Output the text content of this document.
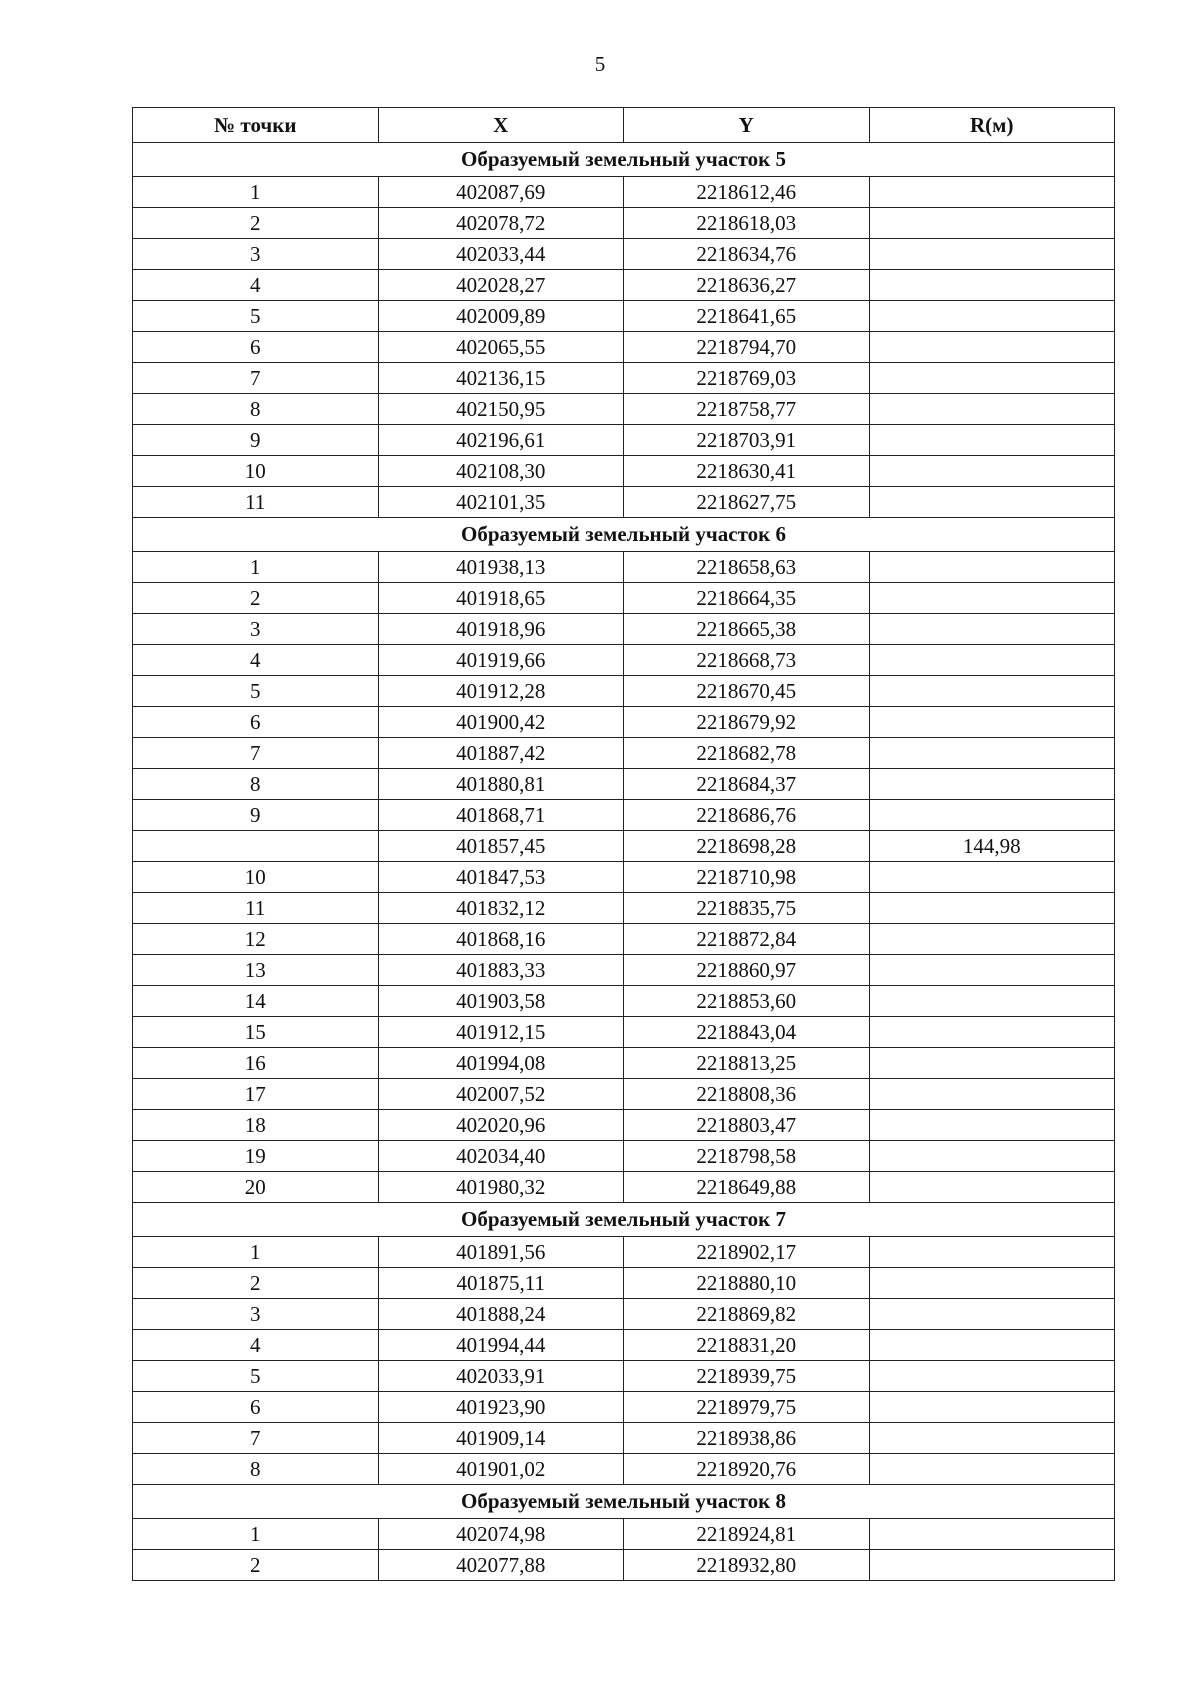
5
№ точки	X	Y	R(м)
Образуемый земельный участок 5			
1	402087,69	2218612,46	
2	402078,72	2218618,03	
3	402033,44	2218634,76	
4	402028,27	2218636,27	
5	402009,89	2218641,65	
6	402065,55	2218794,70	
7	402136,15	2218769,03	
8	402150,95	2218758,77	
9	402196,61	2218703,91	
10	402108,30	2218630,41	
11	402101,35	2218627,75	
Образуемый земельный участок 6			
1	401938,13	2218658,63	
2	401918,65	2218664,35	
3	401918,96	2218665,38	
4	401919,66	2218668,73	
5	401912,28	2218670,45	
6	401900,42	2218679,92	
7	401887,42	2218682,78	
8	401880,81	2218684,37	
9	401868,71	2218686,76	
	401857,45	2218698,28	144,98
10	401847,53	2218710,98	
11	401832,12	2218835,75	
12	401868,16	2218872,84	
13	401883,33	2218860,97	
14	401903,58	2218853,60	
15	401912,15	2218843,04	
16	401994,08	2218813,25	
17	402007,52	2218808,36	
18	402020,96	2218803,47	
19	402034,40	2218798,58	
20	401980,32	2218649,88	
Образуемый земельный участок 7			
1	401891,56	2218902,17	
2	401875,11	2218880,10	
3	401888,24	2218869,82	
4	401994,44	2218831,20	
5	402033,91	2218939,75	
6	401923,90	2218979,75	
7	401909,14	2218938,86	
8	401901,02	2218920,76	
Образуемый земельный участок 8			
1	402074,98	2218924,81	
2	402077,88	2218932,80	
